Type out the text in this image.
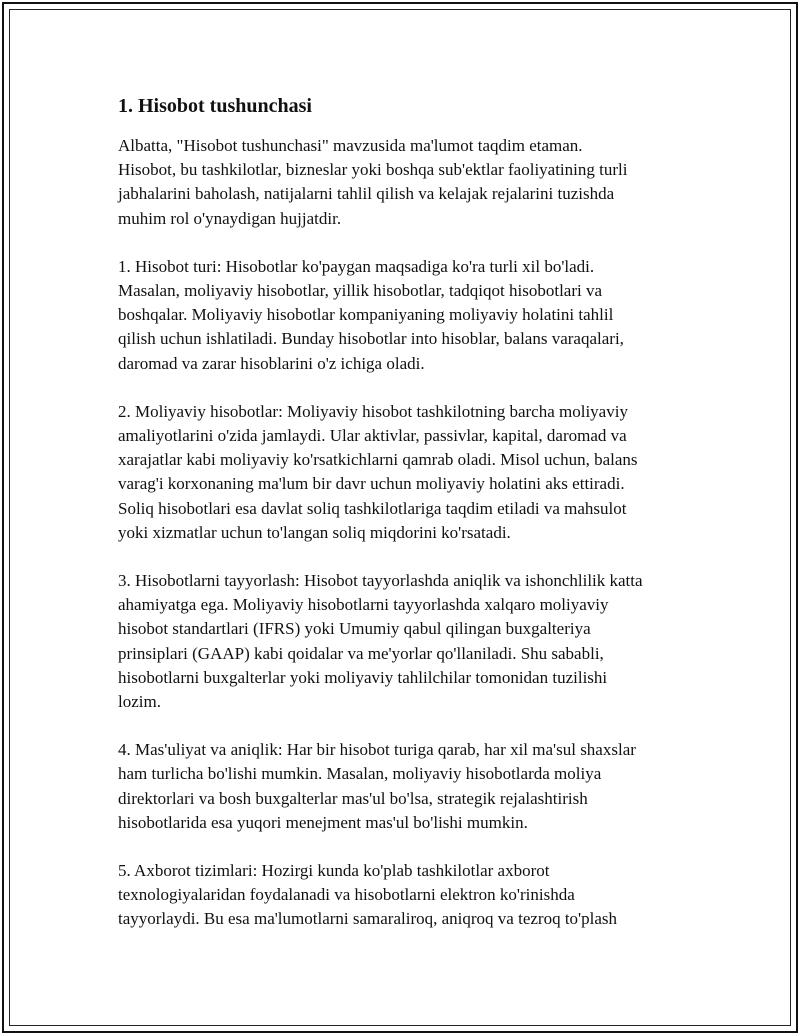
1. Hisobot tushunchasi

Albatta, "Hisobot tushunchasi" mavzusida ma'lumot taqdim etaman.
Hisobot, bu tashkilotlar, bizneslar yoki boshqa sub'ektlar faoliyatining turli
jabhalarini baholash, natijalarni tahlil qilish va kelajak rejalarini tuzishda
muhim rol o'ynaydigan hujjatdir.

1. Hisobot turi: Hisobotlar ko'paygan maqsadiga ko'ra turli xil bo'ladi.
Masalan, moliyaviy hisobotlar, yillik hisobotlar, tadqiqot hisobotlari va
boshqalar. Moliyaviy hisobotlar kompaniyaning moliyaviy holatini tahlil
qilish uchun ishlatiladi. Bunday hisobotlar into hisoblar, balans varaqalari,
daromad va zarar hisoblarini o'z ichiga oladi.

2. Moliyaviy hisobotlar: Moliyaviy hisobot tashkilotning barcha moliyaviy
amaliyotlarini o'zida jamlaydi. Ular aktivlar, passivlar, kapital, daromad va
xarajatlar kabi moliyaviy ko'rsatkichlarni qamrab oladi. Misol uchun, balans
varag'i korxonaning ma'lum bir davr uchun moliyaviy holatini aks ettiradi.
Soliq hisobotlari esa davlat soliq tashkilotlariga taqdim etiladi va mahsulot
yoki xizmatlar uchun to'langan soliq miqdorini ko'rsatadi.

3. Hisobotlarni tayyorlash: Hisobot tayyorlashda aniqlik va ishonchlilik katta
ahamiyatga ega. Moliyaviy hisobotlarni tayyorlashda xalqaro moliyaviy
hisobot standartlari (IFRS) yoki Umumiy qabul qilingan buxgalteriya
prinsiplari (GAAP) kabi qoidalar va me'yorlar qo'llaniladi. Shu sababli,
hisobotlarni buxgalterlar yoki moliyaviy tahlilchilar tomonidan tuzilishi
lozim.

4. Mas'uliyat va aniqlik: Har bir hisobot turiga qarab, har xil ma'sul shaxslar
ham turlicha bo'lishi mumkin. Masalan, moliyaviy hisobotlarda moliya
direktorlari va bosh buxgalterlar mas'ul bo'lsa, strategik rejalashtirish
hisobotlarida esa yuqori menejment mas'ul bo'lishi mumkin.

5. Axborot tizimlari: Hozirgi kunda ko'plab tashkilotlar axborot
texnologiyalaridan foydalanadi va hisobotlarni elektron ko'rinishda
tayyorlaydi. Bu esa ma'lumotlarni samaraliroq, aniqroq va tezroq to'plash
